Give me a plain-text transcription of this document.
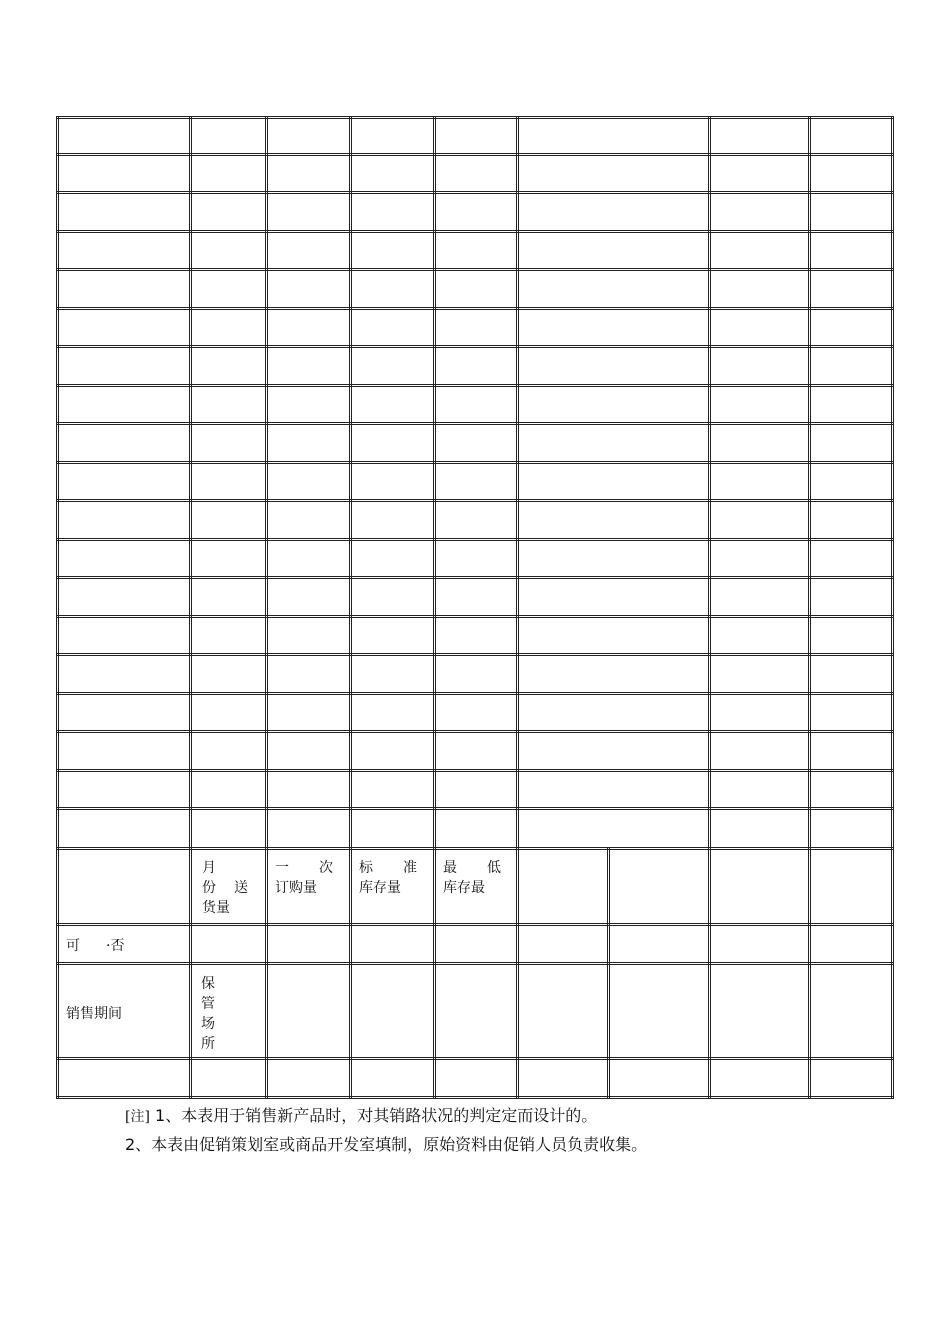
月
份 送
货量
一 次
订购量
标 准
库存量
最 低
库存最
可 ·否
销售期间
保
管
场
所
[注] 1、本表用于销售新产品时，对其销路状况的判定定而设计的。
2、本表由促销策划室或商品开发室填制，原始资料由促销人员负责收集。
